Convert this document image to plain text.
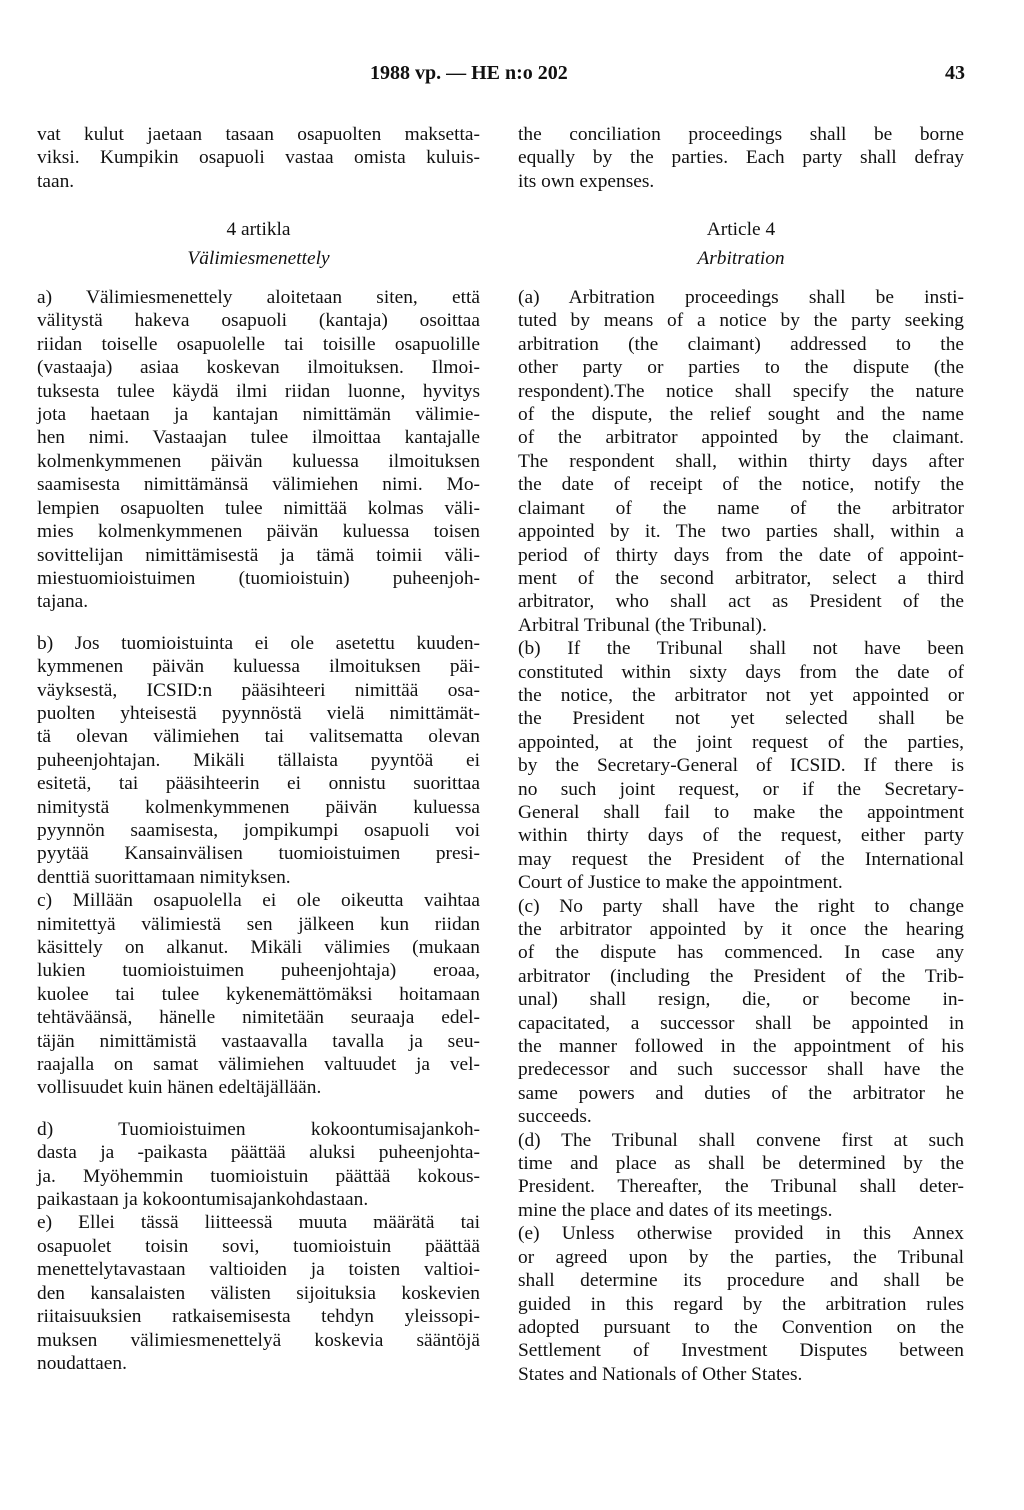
1988 vp. — HE n:o 202	43

vat kulut jaetaan tasaan osapuolten maksetta-
viksi. Kumpikin osapuoli vastaa omista kuluis-
taan.

4 artikla
Välimiesmenettely

a) Välimiesmenettely aloitetaan siten, että
välitystä hakeva osapuoli (kantaja) osoittaa
riidan toiselle osapuolelle tai toisille osapuolille
(vastaaja) asiaa koskevan ilmoituksen. Ilmoi-
tuksesta tulee käydä ilmi riidan luonne, hyvitys
jota haetaan ja kantajan nimittämän välimie-
hen nimi. Vastaajan tulee ilmoittaa kantajalle
kolmenkymmenen päivän kuluessa ilmoituksen
saamisesta nimittämänsä välimiehen nimi. Mo-
lempien osapuolten tulee nimittää kolmas väli-
mies kolmenkymmenen päivän kuluessa toisen
sovittelijan nimittämisestä ja tämä toimii väli-
miestuomioistuimen (tuomioistuin) puheenjoh-
tajana.

b) Jos tuomioistuinta ei ole asetettu kuuden-
kymmenen päivän kuluessa ilmoituksen päi-
väyksestä, ICSID:n pääsihteeri nimittää osa-
puolten yhteisestä pyynnöstä vielä nimittämät-
tä olevan välimiehen tai valitsematta olevan
puheenjohtajan. Mikäli tällaista pyyntöä ei
esitetä, tai pääsihteerin ei onnistu suorittaa
nimitystä kolmenkymmenen päivän kuluessa
pyynnön saamisesta, jompikumpi osapuoli voi
pyytää Kansainvälisen tuomioistuimen presi-
denttiä suorittamaan nimityksen.

c) Millään osapuolella ei ole oikeutta vaihtaa
nimitettyä välimiestä sen jälkeen kun riidan
käsittely on alkanut. Mikäli välimies (mukaan
lukien tuomioistuimen puheenjohtaja) eroaa,
kuolee tai tulee kykenemättömäksi hoitamaan
tehtäväänsä, hänelle nimitetään seuraaja edel-
täjän nimittämistä vastaavalla tavalla ja seu-
raajalla on samat välimiehen valtuudet ja vel-
vollisuudet kuin hänen edeltäjällään.

d) Tuomioistuimen kokoontumisajankoh-
dasta ja -paikasta päättää aluksi puheenjohta-
ja. Myöhemmin tuomioistuin päättää kokous-
paikastaan ja kokoontumisajankohdastaan.

e) Ellei tässä liitteessä muuta määrätä tai
osapuolet toisin sovi, tuomioistuin päättää
menettelytavastaan valtioiden ja toisten valtioi-
den kansalaisten välisten sijoituksia koskevien
riitaisuuksien ratkaisemisesta tehdyn yleissopi-
muksen välimiesmenettelyä koskevia sääntöjä
noudattaen.

the conciliation proceedings shall be borne
equally by the parties. Each party shall defray
its own expenses.

Article 4
Arbitration

(a) Arbitration proceedings shall be insti-
tuted by means of a notice by the party seeking
arbitration (the claimant) addressed to the
other party or parties to the dispute (the
respondent).The notice shall specify the nature
of the dispute, the relief sought and the name
of the arbitrator appointed by the claimant.
The respondent shall, within thirty days after
the date of receipt of the notice, notify the
claimant of the name of the arbitrator
appointed by it. The two parties shall, within a
period of thirty days from the date of appoint-
ment of the second arbitrator, select a third
arbitrator, who shall act as President of the
Arbitral Tribunal (the Tribunal).

(b) If the Tribunal shall not have been
constituted within sixty days from the date of
the notice, the arbitrator not yet appointed or
the President not yet selected shall be
appointed, at the joint request of the parties,
by the Secretary-General of ICSID. If there is
no such joint request, or if the Secretary-
General shall fail to make the appointment
within thirty days of the request, either party
may request the President of the International
Court of Justice to make the appointment.

(c) No party shall have the right to change
the arbitrator appointed by it once the hearing
of the dispute has commenced. In case any
arbitrator (including the President of the Trib-
unal) shall resign, die, or become in-
capacitated, a successor shall be appointed in
the manner followed in the appointment of his
predecessor and such successor shall have the
same powers and duties of the arbitrator he
succeeds.

(d) The Tribunal shall convene first at such
time and place as shall be determined by the
President. Thereafter, the Tribunal shall deter-
mine the place and dates of its meetings.

(e) Unless otherwise provided in this Annex
or agreed upon by the parties, the Tribunal
shall determine its procedure and shall be
guided in this regard by the arbitration rules
adopted pursuant to the Convention on the
Settlement of Investment Disputes between
States and Nationals of Other States.
